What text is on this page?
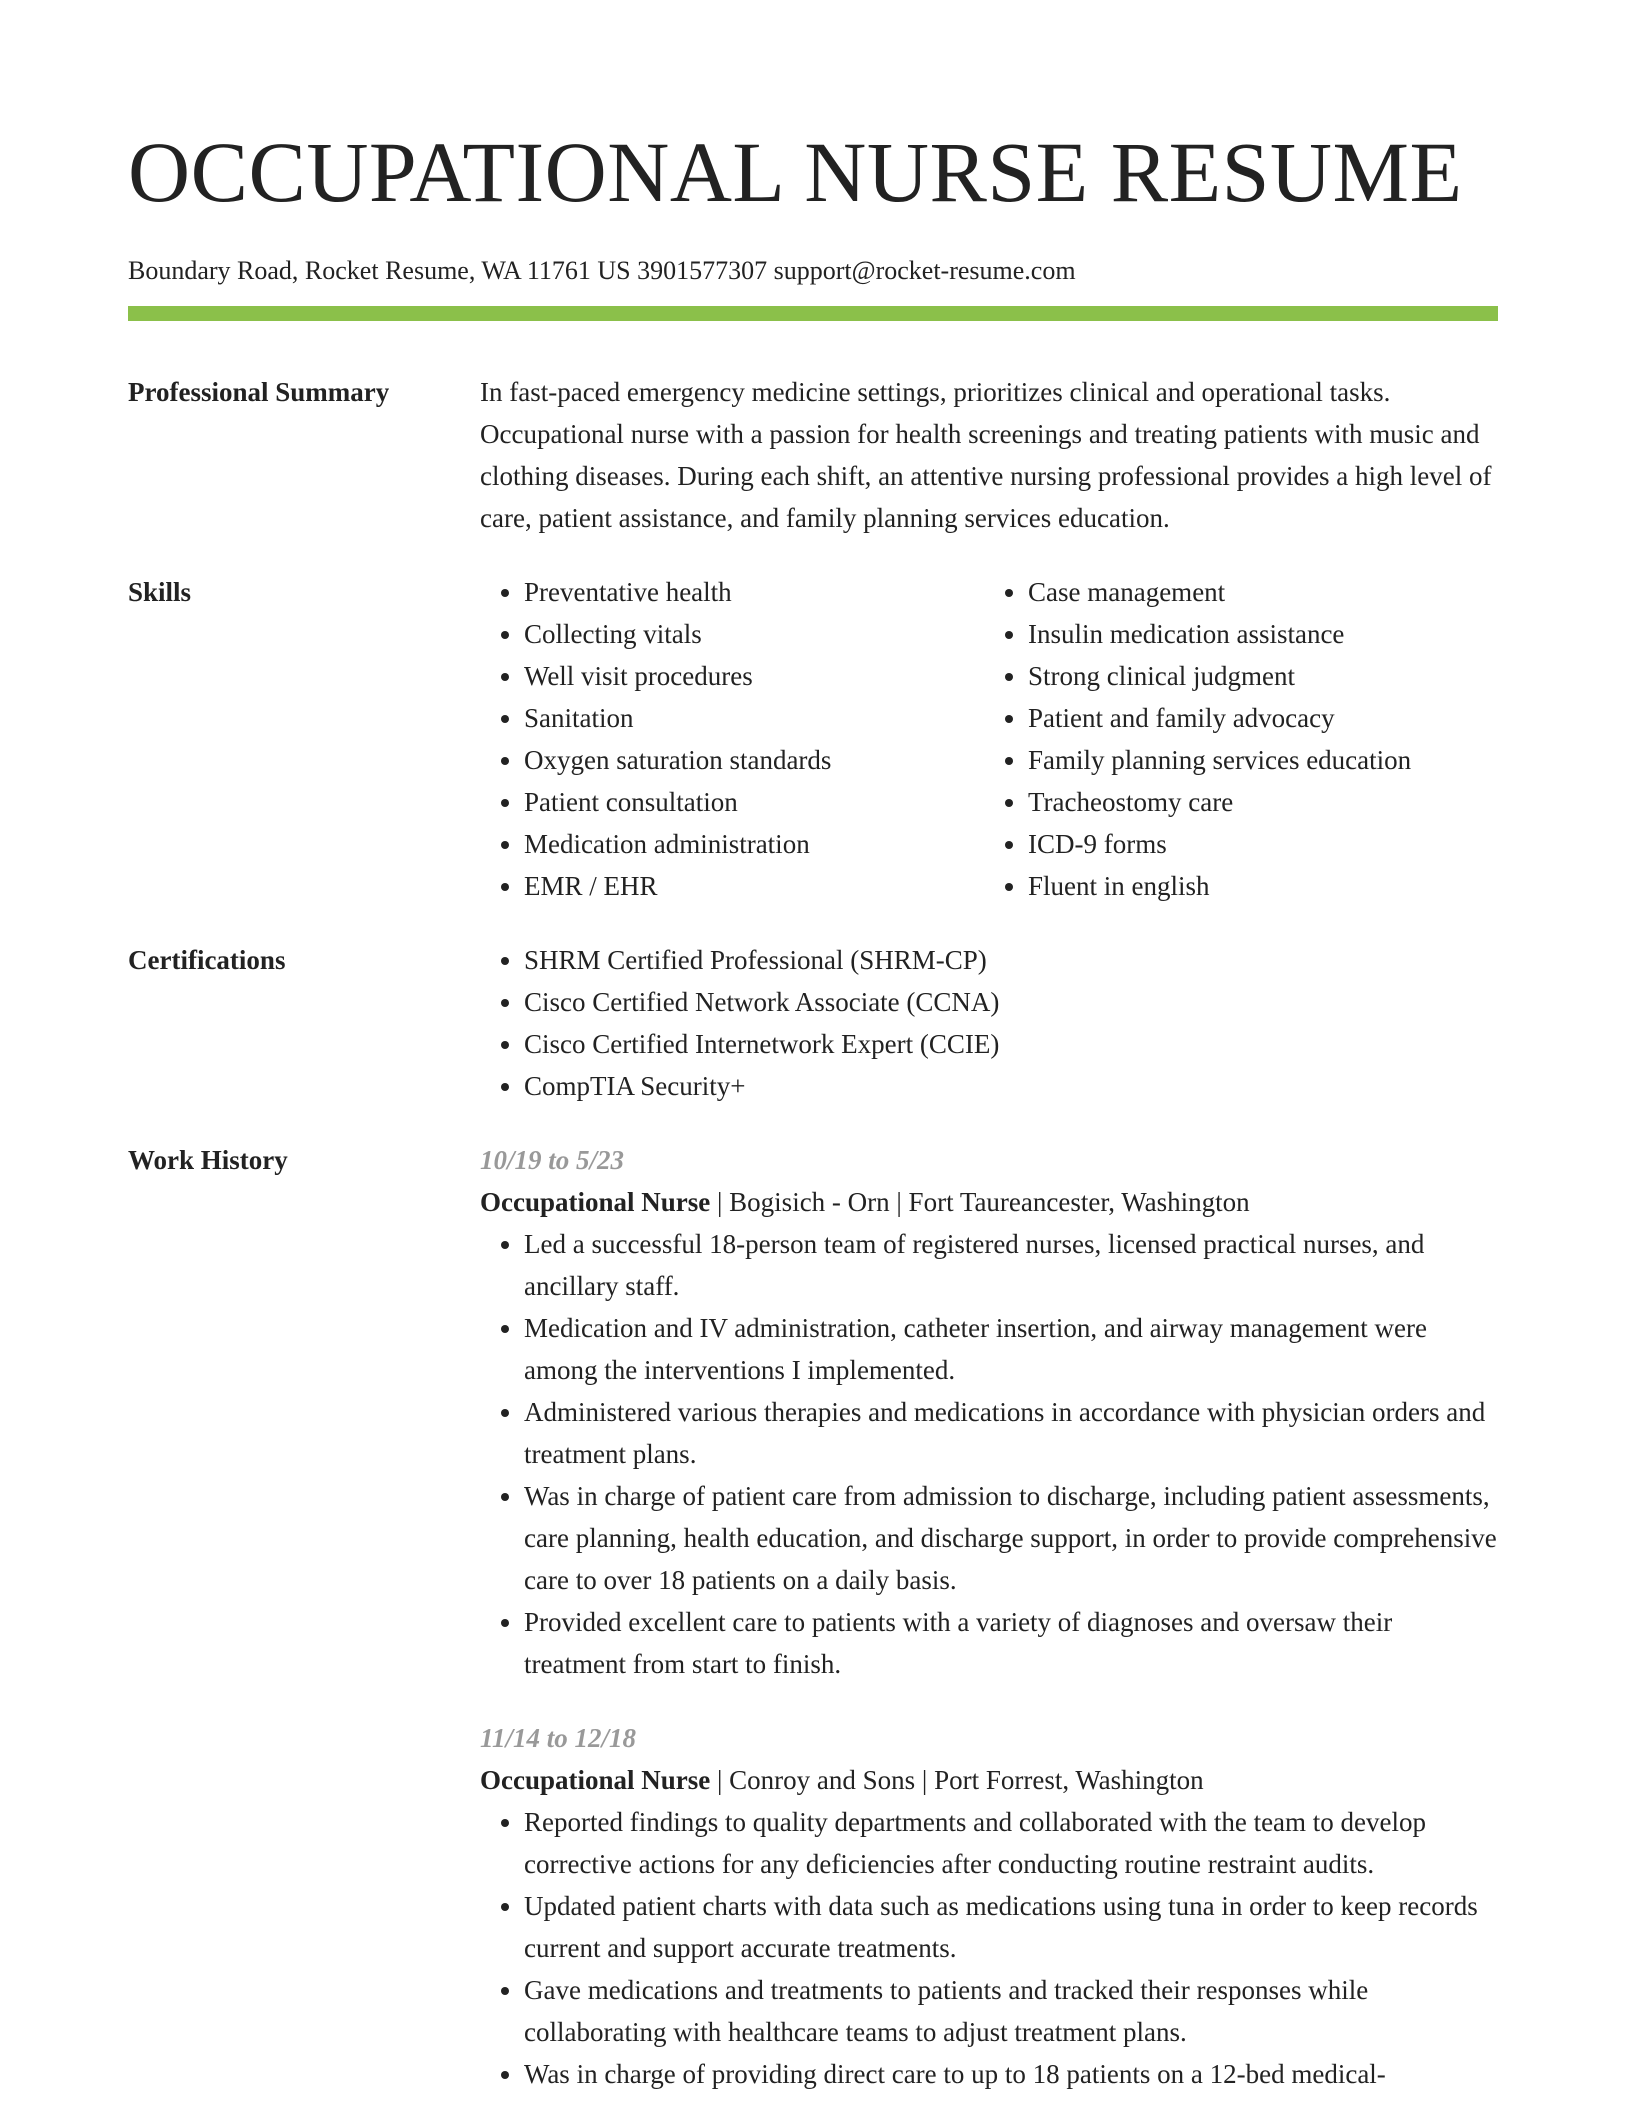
OCCUPATIONAL NURSE RESUME
Boundary Road, Rocket Resume, WA 11761 US 3901577307 support@rocket-resume.com
Professional Summary	In fast-paced emergency medicine settings, prioritizes clinical and operational tasks. Occupational nurse with a passion for health screenings and treating patients with music and clothing diseases. During each shift, an attentive nursing professional provides a high level of care, patient assistance, and family planning services education.

Skills	• Preventative health
• Collecting vitals
• Well visit procedures
• Sanitation
• Oxygen saturation standards
• Patient consultation
• Medication administration
• EMR / EHR
• Case management
• Insulin medication assistance
• Strong clinical judgment
• Patient and family advocacy
• Family planning services education
• Tracheostomy care
• ICD-9 forms
• Fluent in english
Certifications	• SHRM Certified Professional (SHRM-CP)
• Cisco Certified Network Associate (CCNA)
• Cisco Certified Internetwork Expert (CCIE)
• CompTIA Security+
Work History	10/19 to 5/23
Occupational Nurse | Bogisich - Orn | Fort Taureancester, Washington
• Led a successful 18-person team of registered nurses, licensed practical nurses, and ancillary staff.
• Medication and IV administration, catheter insertion, and airway management were among the interventions I implemented.
• Administered various therapies and medications in accordance with physician orders and treatment plans.
• Was in charge of patient care from admission to discharge, including patient assessments, care planning, health education, and discharge support, in order to provide comprehensive care to over 18 patients on a daily basis.
• Provided excellent care to patients with a variety of diagnoses and oversaw their treatment from start to finish.
11/14 to 12/18
Occupational Nurse | Conroy and Sons | Port Forrest, Washington
• Reported findings to quality departments and collaborated with the team to develop corrective actions for any deficiencies after conducting routine restraint audits.
• Updated patient charts with data such as medications using tuna in order to keep records current and support accurate treatments.
• Gave medications and treatments to patients and tracked their responses while collaborating with healthcare teams to adjust treatment plans.
• Was in charge of providing direct care to up to 18 patients on a 12-bed medical-
